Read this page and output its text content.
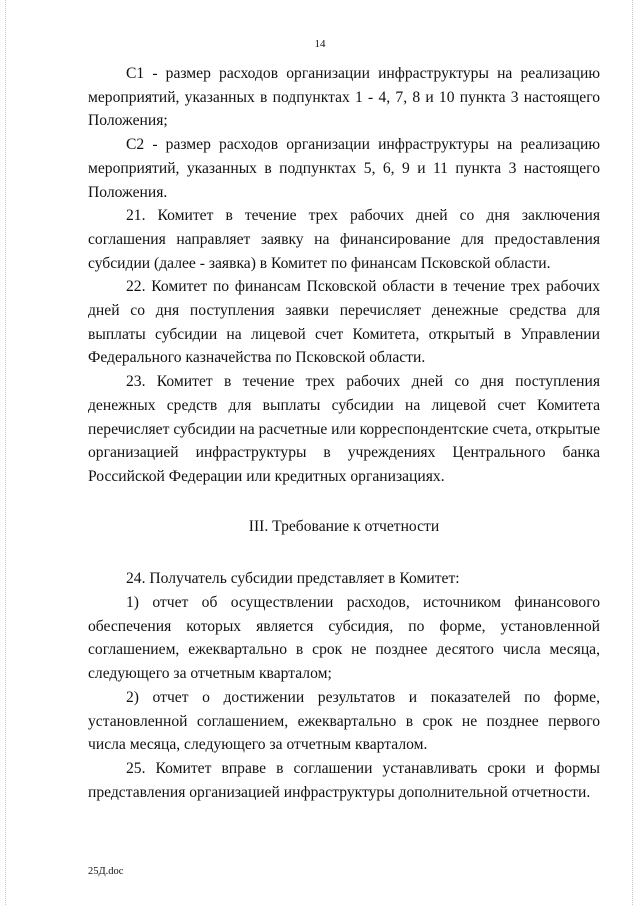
14

С1 - размер расходов организации инфраструктуры на реализацию мероприятий, указанных в подпунктах 1 - 4, 7, 8 и 10 пункта 3 настоящего Положения;

С2 - размер расходов организации инфраструктуры на реализацию мероприятий, указанных в подпунктах 5, 6, 9 и 11 пункта 3 настоящего Положения.

21. Комитет в течение трех рабочих дней со дня заключения соглашения направляет заявку на финансирование для предоставления субсидии (далее - заявка) в Комитет по финансам Псковской области.

22. Комитет по финансам Псковской области в течение трех рабочих дней со дня поступления заявки перечисляет денежные средства для выплаты субсидии на лицевой счет Комитета, открытый в Управлении Федерального казначейства по Псковской области.

23. Комитет в течение трех рабочих дней со дня поступления денежных средств для выплаты субсидии на лицевой счет Комитета перечисляет субсидии на расчетные или корреспондентские счета, открытые организацией инфраструктуры в учреждениях Центрального банка Российской Федерации или кредитных организациях.

III. Требование к отчетности

24. Получатель субсидии представляет в Комитет:

1) отчет об осуществлении расходов, источником финансового обеспечения которых является субсидия, по форме, установленной соглашением, ежеквартально в срок не позднее десятого числа месяца, следующего за отчетным кварталом;

2) отчет о достижении результатов и показателей по форме, установленной соглашением, ежеквартально в срок не позднее первого числа месяца, следующего за отчетным кварталом.

25. Комитет вправе в соглашении устанавливать сроки и формы представления организацией инфраструктуры дополнительной отчетности.

25Д.doc
